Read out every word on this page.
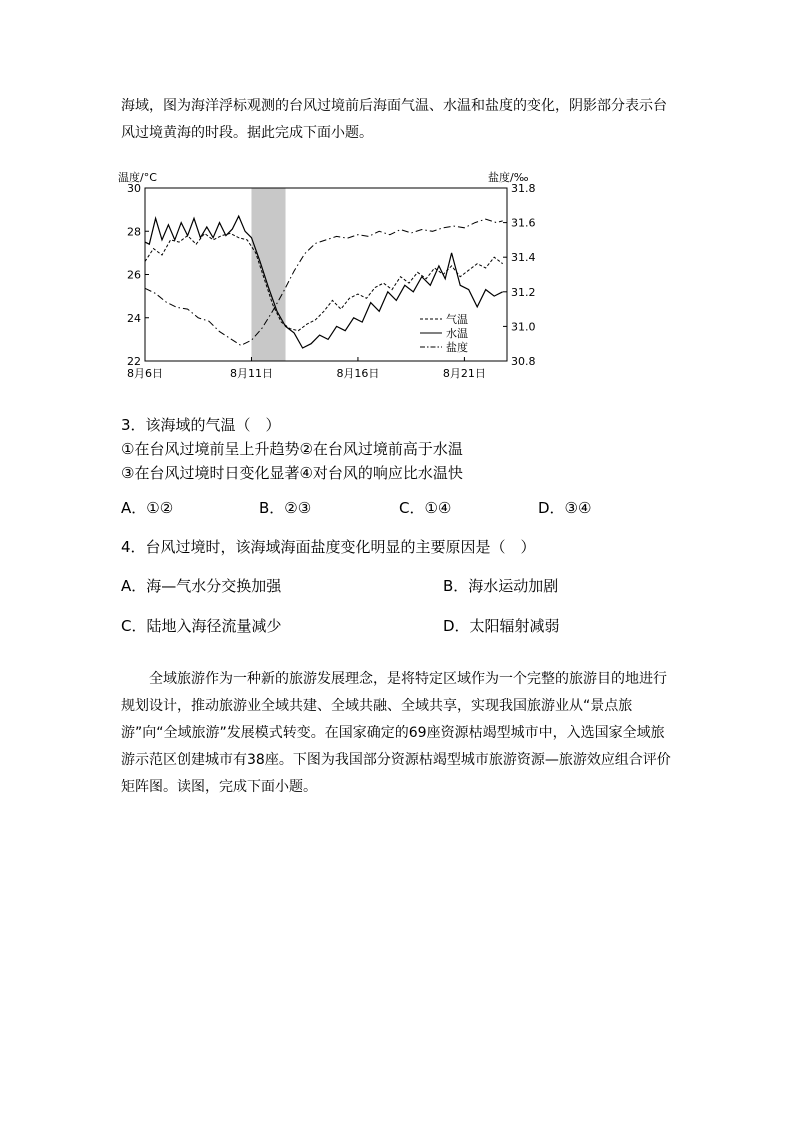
海域，图为海洋浮标观测的台风过境前后海面气温、水温和盐度的变化，阴影部分表示台风过境黄海的时段。据此完成下面小题。
温度/°C	盐度/‰
30
28
26
24
22
31.8
31.6
31.4
31.2
31.0
30.8
8月6日	8月11日	8月16日	8月21日
气温
水温
盐度
3．该海域的气温（　）
①在台风过境前呈上升趋势②在台风过境前高于水温
③在台风过境时日变化显著④对台风的响应比水温快
A．①②	B．②③	C．①④	D．③④
4．台风过境时，该海域海面盐度变化明显的主要原因是（　）
A．海—气水分交换加强	B．海水运动加剧
C．陆地入海径流量减少	D．太阳辐射减弱
全域旅游作为一种新的旅游发展理念，是将特定区域作为一个完整的旅游目的地进行规划设计，推动旅游业全域共建、全域共融、全域共享，实现我国旅游业从“景点旅游”向“全域旅游”发展模式转变。在国家确定的69座资源枯竭型城市中，入选国家全域旅游示范区创建城市有38座。下图为我国部分资源枯竭型城市旅游资源—旅游效应组合评价矩阵图。读图，完成下面小题。
